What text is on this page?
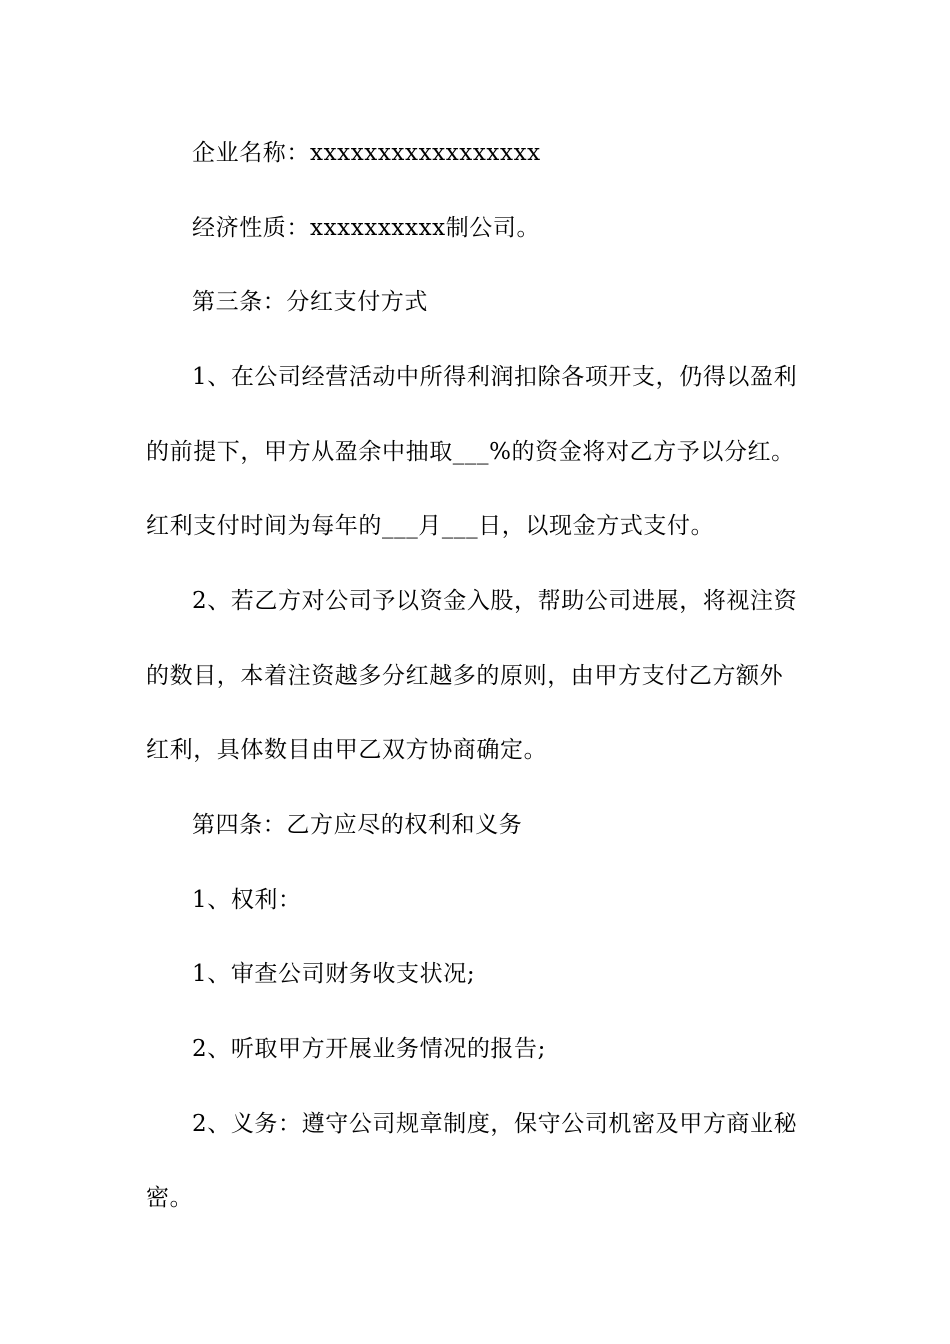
企业名称：xxxxxxxxxxxxxxxxx
经济性质：xxxxxxxxxx制公司。
第三条：分红支付方式
1、在公司经营活动中所得利润扣除各项开支，仍得以盈利
的前提下，甲方从盈余中抽取___%的资金将对乙方予以分红。
红利支付时间为每年的___月___日，以现金方式支付。
2、若乙方对公司予以资金入股，帮助公司进展，将视注资
的数目，本着注资越多分红越多的原则，由甲方支付乙方额外
红利，具体数目由甲乙双方协商确定。
第四条：乙方应尽的权利和义务
1、权利：
1、审查公司财务收支状况;
2、听取甲方开展业务情况的报告;
2、义务：遵守公司规章制度，保守公司机密及甲方商业秘
密。
